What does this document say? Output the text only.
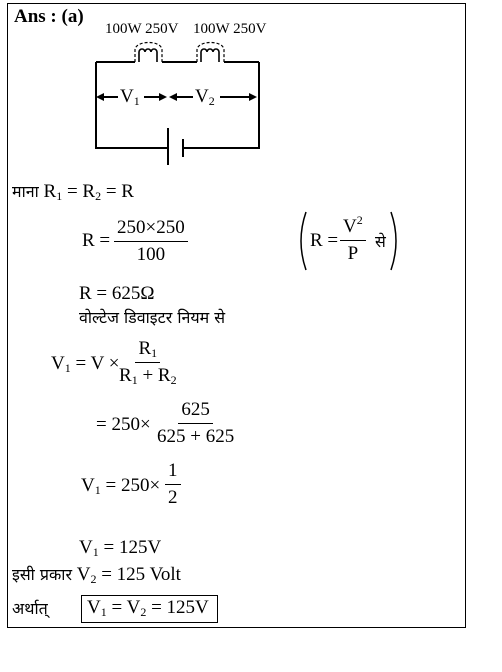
Ans : (a)
100W 250V 100W 250V
$V_1$	$V_2$
माना $R_1 = R_2 = R$
$R = \frac{250\times 250}{100}$	$R = \frac{V^2}{P}$ से
R = 625Ω
वोल्टेज डिवाइटर नियम से
$V_1 = V \times \frac{R_1}{R_1 + R_2}$
= $250\times \frac{625}{625 + 625}$
$V_1 = 250\times \frac{1}{2}$
$V_1 = 125V$
इसी प्रकार $V_2 = 125$ Volt
अर्थात् $V_1 = V_2 = 125V$
